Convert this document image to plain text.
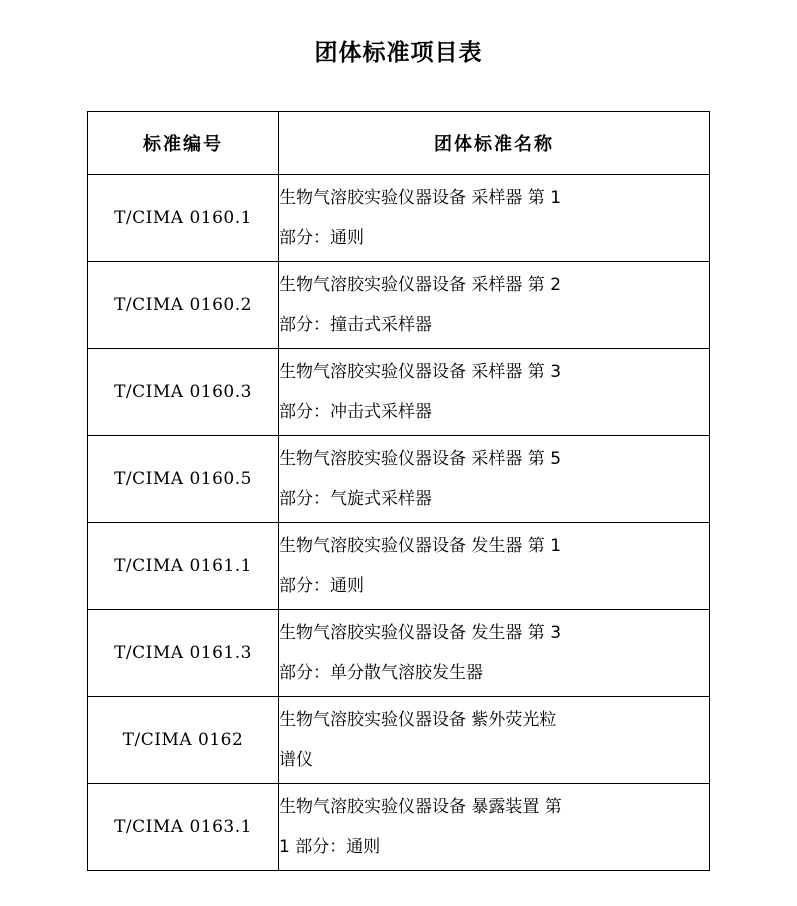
团体标准项目表
标准编号	团体标准名称
T/CIMA 0160.1	生物气溶胶实验仪器设备 采样器 第 1
部分：通则

T/CIMA 0160.2	生物气溶胶实验仪器设备 采样器 第 2
部分：撞击式采样器

T/CIMA 0160.3	生物气溶胶实验仪器设备 采样器 第 3
部分：冲击式采样器

T/CIMA 0160.5	生物气溶胶实验仪器设备 采样器 第 5
部分：气旋式采样器

T/CIMA 0161.1	生物气溶胶实验仪器设备 发生器 第 1
部分：通则

T/CIMA 0161.3	生物气溶胶实验仪器设备 发生器 第 3
部分：单分散气溶胶发生器

T/CIMA 0162	生物气溶胶实验仪器设备 紫外荧光粒
谱仪

T/CIMA 0163.1	生物气溶胶实验仪器设备 暴露装置 第
1 部分：通则
